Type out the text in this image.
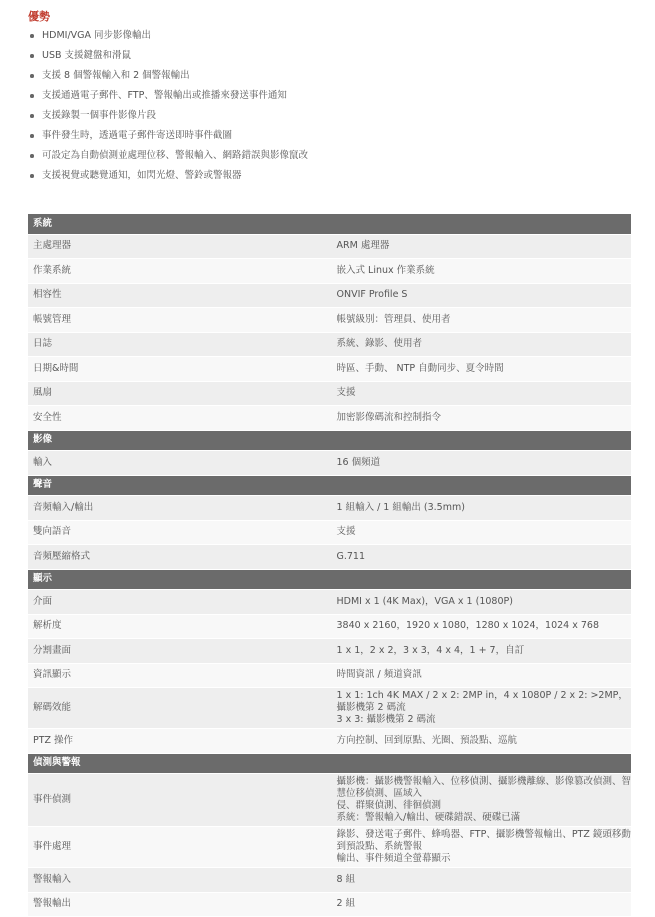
優勢
HDMI/VGA 同步影像輸出
USB 支援鍵盤和滑鼠
支援 8 個警報輸入和 2 個警報輸出
支援通過電子郵件、FTP、警報輸出或推播來發送事件通知
支援錄製一個事件影像片段
事件發生時，透過電子郵件寄送即時事件截圖
可設定為自動偵測並處理位移、警報輸入、網路錯誤與影像竄改
支援視覺或聽覺通知，如閃光燈、警鈴或警報器
系統	
主處理器	ARM 處理器
作業系統	嵌入式 Linux 作業系統
相容性	ONVIF Profile S
帳號管理	帳號級別：管理員、使用者
日誌	系統、錄影、使用者
日期&時間	時區、手動、 NTP 自動同步、夏令時間
風扇	支援
安全性	加密影像碼流和控制指令
影像	
輸入	16 個頻道
聲音	
音頻輸入/輸出	1 組輸入 / 1 組輸出 (3.5mm)
雙向語音	支援
音頻壓縮格式	G.711
顯示	
介面	HDMI x 1 (4K Max)，VGA x 1 (1080P)
解析度	3840 x 2160，1920 x 1080，1280 x 1024，1024 x 768
分割畫面	1 x 1，2 x 2，3 x 3，4 x 4，1 + 7，自訂
資訊顯示	時間資訊 / 頻道資訊
解碼效能	1 x 1: 1ch 4K MAX / 2 x 2: 2MP in，4 x 1080P / 2 x 2: >2MP，攝影機第 2 碼流
3 x 3: 攝影機第 2 碼流

PTZ 操作	方向控制、回到原點、光圈、預設點、巡航
偵測與警報	
事件偵測	攝影機：攝影機警報輸入、位移偵測、攝影機離線、影像篡改偵測、智慧位移偵測、區域入
侵、群聚偵測、徘徊偵測
系統：警報輸入/輸出、硬碟錯誤、硬碟已滿

事件處理	錄影、發送電子郵件、蜂鳴器、FTP、攝影機警報輸出、PTZ 鏡頭移動到預設點、系統警報
輸出、事件頻道全螢幕顯示

警報輸入	8 組
警報輸出	2 組
